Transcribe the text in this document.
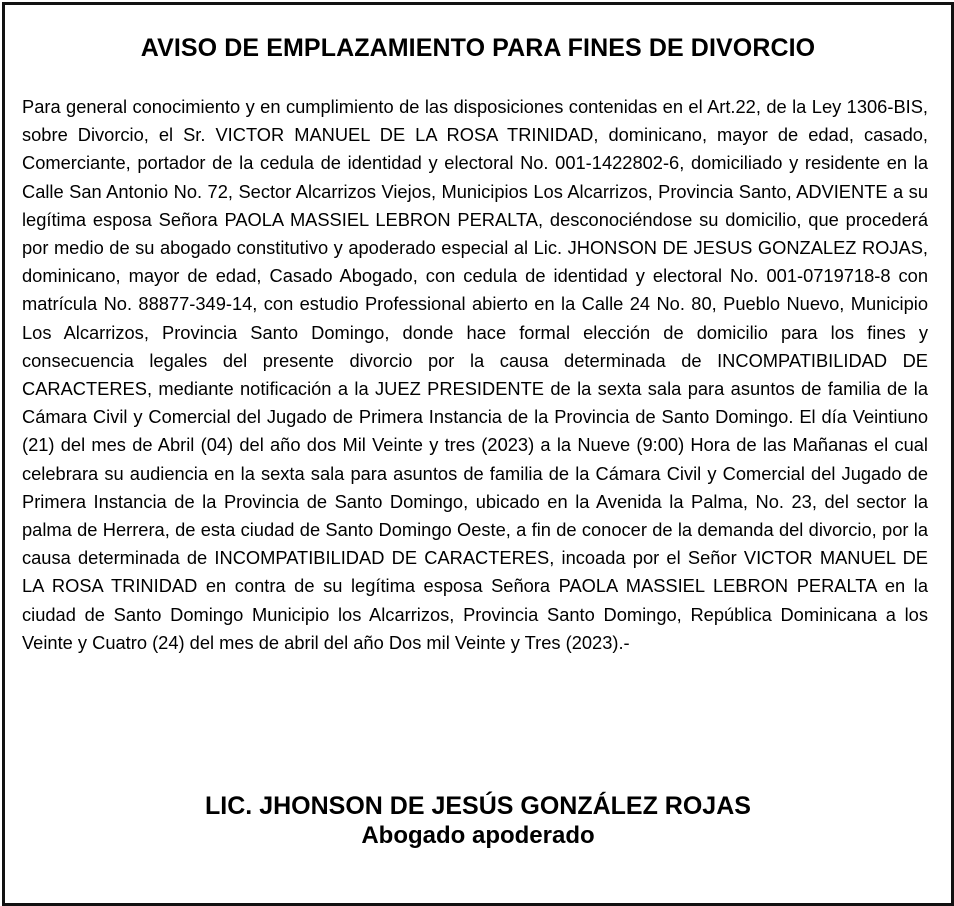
AVISO DE EMPLAZAMIENTO PARA FINES DE DIVORCIO

Para general conocimiento y en cumplimiento de las disposiciones contenidas en el Art.22, de la Ley 1306-BIS, sobre Divorcio, el Sr. VICTOR MANUEL DE LA ROSA TRINIDAD, dominicano, mayor de edad, casado, Comerciante, portador de la cedula de identidad y electoral No. 001-1422802-6, domiciliado y residente en la Calle San Antonio No. 72, Sector Alcarrizos Viejos, Municipios Los Alcarrizos, Provincia Santo, ADVIENTE a su legítima esposa Señora PAOLA MASSIEL LEBRON PERALTA, desconociéndose su domicilio, que procederá por medio de su abogado constitutivo y apoderado especial al Lic. JHONSON DE JESUS GONZALEZ ROJAS, dominicano, mayor de edad, Casado Abogado, con cedula de identidad y electoral No. 001-0719718-8 con matrícula No. 88877-349-14, con estudio Professional abierto en la Calle 24 No. 80, Pueblo Nuevo, Municipio Los Alcarrizos, Provincia Santo Domingo, donde hace formal elección de domicilio para los fines y consecuencia legales del presente divorcio por la causa determinada de INCOMPATIBILIDAD DE CARACTERES, mediante notificación a la JUEZ PRESIDENTE de la sexta sala para asuntos de familia de la Cámara Civil y Comercial del Jugado de Primera Instancia de la Provincia de Santo Domingo. El día Veintiuno (21) del mes de Abril (04) del año dos Mil Veinte y tres (2023) a la Nueve (9:00) Hora de las Mañanas el cual celebrara su audiencia en la sexta sala para asuntos de familia de la Cámara Civil y Comercial del Jugado de Primera Instancia de la Provincia de Santo Domingo, ubicado en la Avenida la Palma, No. 23, del sector la palma de Herrera, de esta ciudad de Santo Domingo Oeste, a fin de conocer de la demanda del divorcio, por la causa determinada de INCOMPATIBILIDAD DE CARACTERES, incoada por el Señor VICTOR MANUEL DE LA ROSA TRINIDAD en contra de su legítima esposa Señora PAOLA MASSIEL LEBRON PERALTA en la ciudad de Santo Domingo Municipio los Alcarrizos, Provincia Santo Domingo, República Dominicana a los Veinte y Cuatro (24) del mes de abril del año Dos mil Veinte y Tres (2023).-

LIC. JHONSON DE JESÚS GONZÁLEZ ROJAS

Abogado apoderado
